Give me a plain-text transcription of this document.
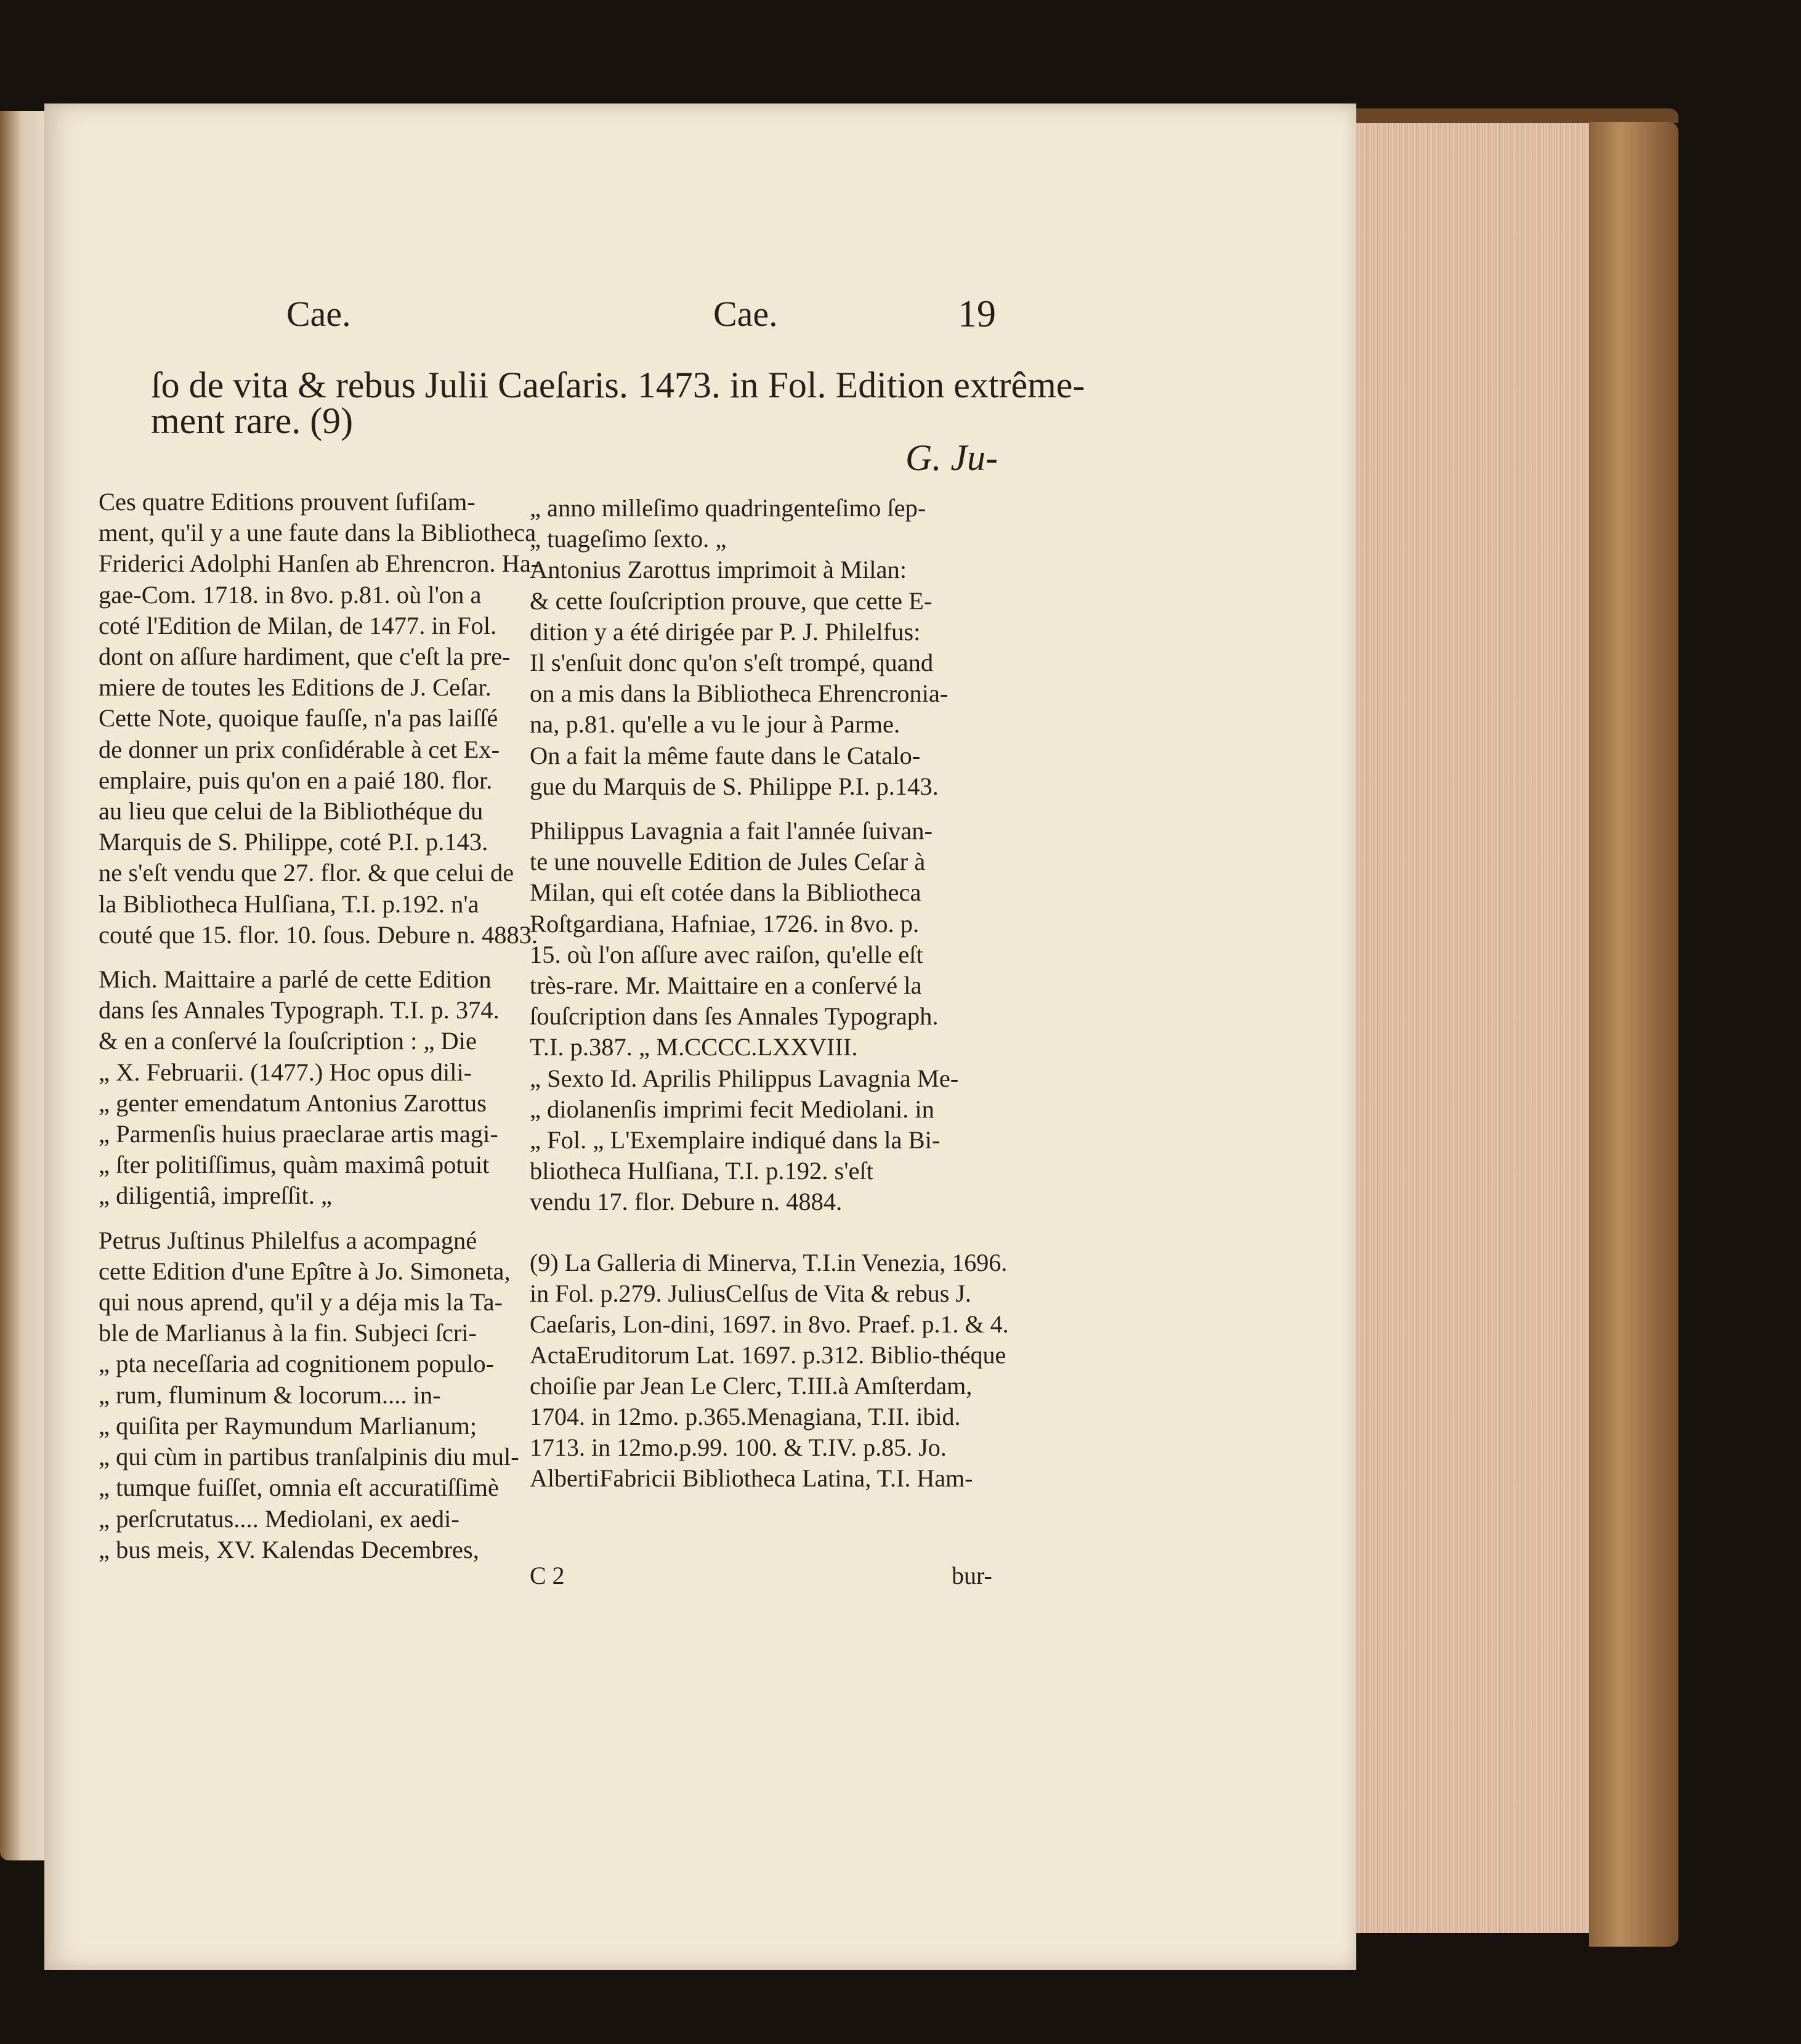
Cae.	Cae.	19
ſo de vita & rebus Julii Caeſaris. 1473. in Fol. Edition extrême-
ment rare. (9)
G. Ju-
Ces quatre Editions prouvent ſufiſam-
ment, qu'il y a une faute dans la Bibliotheca
Friderici Adolphi Hanſen ab Ehrencron. Ha-
gae-Com. 1718. in 8vo. p.81. où l'on a
coté l'Edition de Milan, de 1477. in Fol.
dont on aſſure hardiment, que c'eſt la pre-
miere de toutes les Editions de J. Ceſar.
Cette Note, quoique fauſſe, n'a pas laiſſé
de donner un prix conſidérable à cet Ex-
emplaire, puis qu'on en a paié 180. flor.
au lieu que celui de la Bibliothéque du
Marquis de S. Philippe, coté P.I. p.143.
ne s'eſt vendu que 27. flor. & que celui de
la Bibliotheca Hulſiana, T.I. p.192. n'a
couté que 15. flor. 10. ſous. Debure n. 4883.
Mich. Maittaire a parlé de cette Edition
dans ſes Annales Typograph. T.I. p. 374.
& en a conſervé la ſouſcription : „ Die
„ X. Februarii. (1477.) Hoc opus dili-
„ genter emendatum Antonius Zarottus
„ Parmenſis huius praeclarae artis magi-
„ ſter politiſſimus, quàm maximâ potuit
„ diligentiâ, impreſſit. „
Petrus Juſtinus Philelfus a acompagné
cette Edition d'une Epître à Jo. Simoneta,
qui nous aprend, qu'il y a déja mis la Ta-
ble de Marlianus à la fin. Subjeci ſcri-
„ pta neceſſaria ad cognitionem populo-
„ rum, fluminum & locorum.... in-
„ quiſita per Raymundum Marlianum;
„ qui cùm in partibus tranſalpinis diu mul-
„ tumque fuiſſet, omnia eſt accuratiſſimè
„ perſcrutatus.... Mediolani, ex aedi-
„ bus meis, XV. Kalendas Decembres,
„ anno milleſimo quadringenteſimo ſep-
„ tuageſimo ſexto. „
Antonius Zarottus imprimoit à Milan:
& cette ſouſcription prouve, que cette E-
dition y a été dirigée par P. J. Philelfus:
Il s'enſuit donc qu'on s'eſt trompé, quand
on a mis dans la Bibliotheca Ehrencronia-
na, p.81. qu'elle a vu le jour à Parme.
On a fait la même faute dans le Catalo-
gue du Marquis de S. Philippe P.I. p.143.
Philippus Lavagnia a fait l'année ſuivan-
te une nouvelle Edition de Jules Ceſar à
Milan, qui eſt cotée dans la Bibliotheca
Roſtgardiana, Hafniae, 1726. in 8vo. p.
15. où l'on aſſure avec raiſon, qu'elle eſt
très-rare. Mr. Maittaire en a conſervé la
ſouſcription dans ſes Annales Typograph.
T.I. p.387. „ M.CCCC.LXXVIII.
„ Sexto Id. Aprilis Philippus Lavagnia Me-
„ diolanenſis imprimi fecit Mediolani. in
„ Fol. „ L'Exemplaire indiqué dans la Bi-
bliotheca Hulſiana, T.I. p.192. s'eſt
vendu 17. flor. Debure n. 4884.
(9) La Galleria di Minerva, T.I.in Venezia, 1696. in Fol. p.279. JuliusCelſus de Vita & rebus J. Caeſaris, Lon-dini, 1697. in 8vo. Praef. p.1. & 4. ActaEruditorum Lat. 1697. p.312. Biblio-théque choiſie par Jean Le Clerc, T.III.à Amſterdam, 1704. in 12mo. p.365.Menagiana, T.II. ibid. 1713. in 12mo.p.99. 100. & T.IV. p.85. Jo. AlbertiFabricii Bibliotheca Latina, T.I. Ham-
C 2	bur-
